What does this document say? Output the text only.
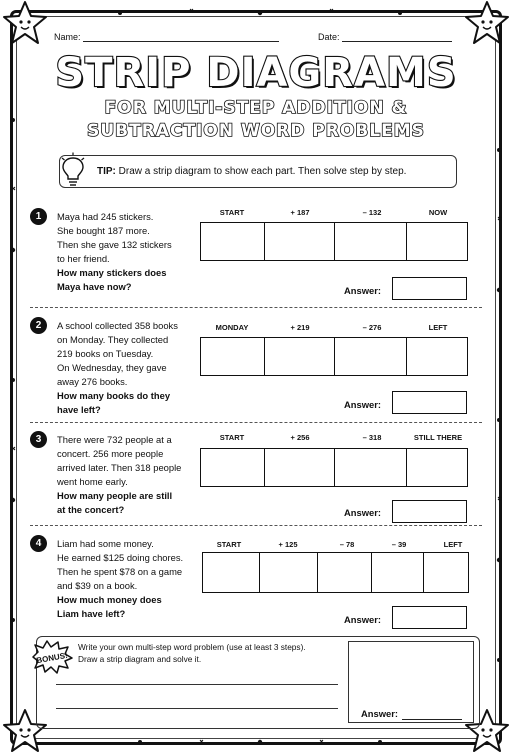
Name:	Date:
STRIP DIAGRAMS
FOR MULTI-STEP ADDITION &
SUBTRACTION WORD PROBLEMS
TIP: Draw a strip diagram to show each part. Then solve step by step.
1	Maya had 245 stickers.
She bought 187 more.
Then she gave 132 stickers
to her friend.
How many stickers does
Maya have now?
START	+ 187	– 132	NOW
Answer:
2	A school collected 358 books
on Monday. They collected
219 books on Tuesday.
On Wednesday, they gave
away 276 books.
How many books do they
have left?
MONDAY	+ 219	– 276	LEFT
Answer:
3	There were 732 people at a
concert. 256 more people
arrived later. Then 318 people
went home early.
How many people are still
at the concert?
START	+ 256	– 318	STILL THERE
Answer:
4	Liam had some money.
He earned $125 doing chores.
Then he spent $78 on a game
and $39 on a book.
How much money does
Liam have left?
START	+ 125	– 78	– 39	LEFT
Answer:
BONUS!
Write your own multi-step word problem (use at least 3 steps).
Draw a strip diagram and solve it.
Answer:
